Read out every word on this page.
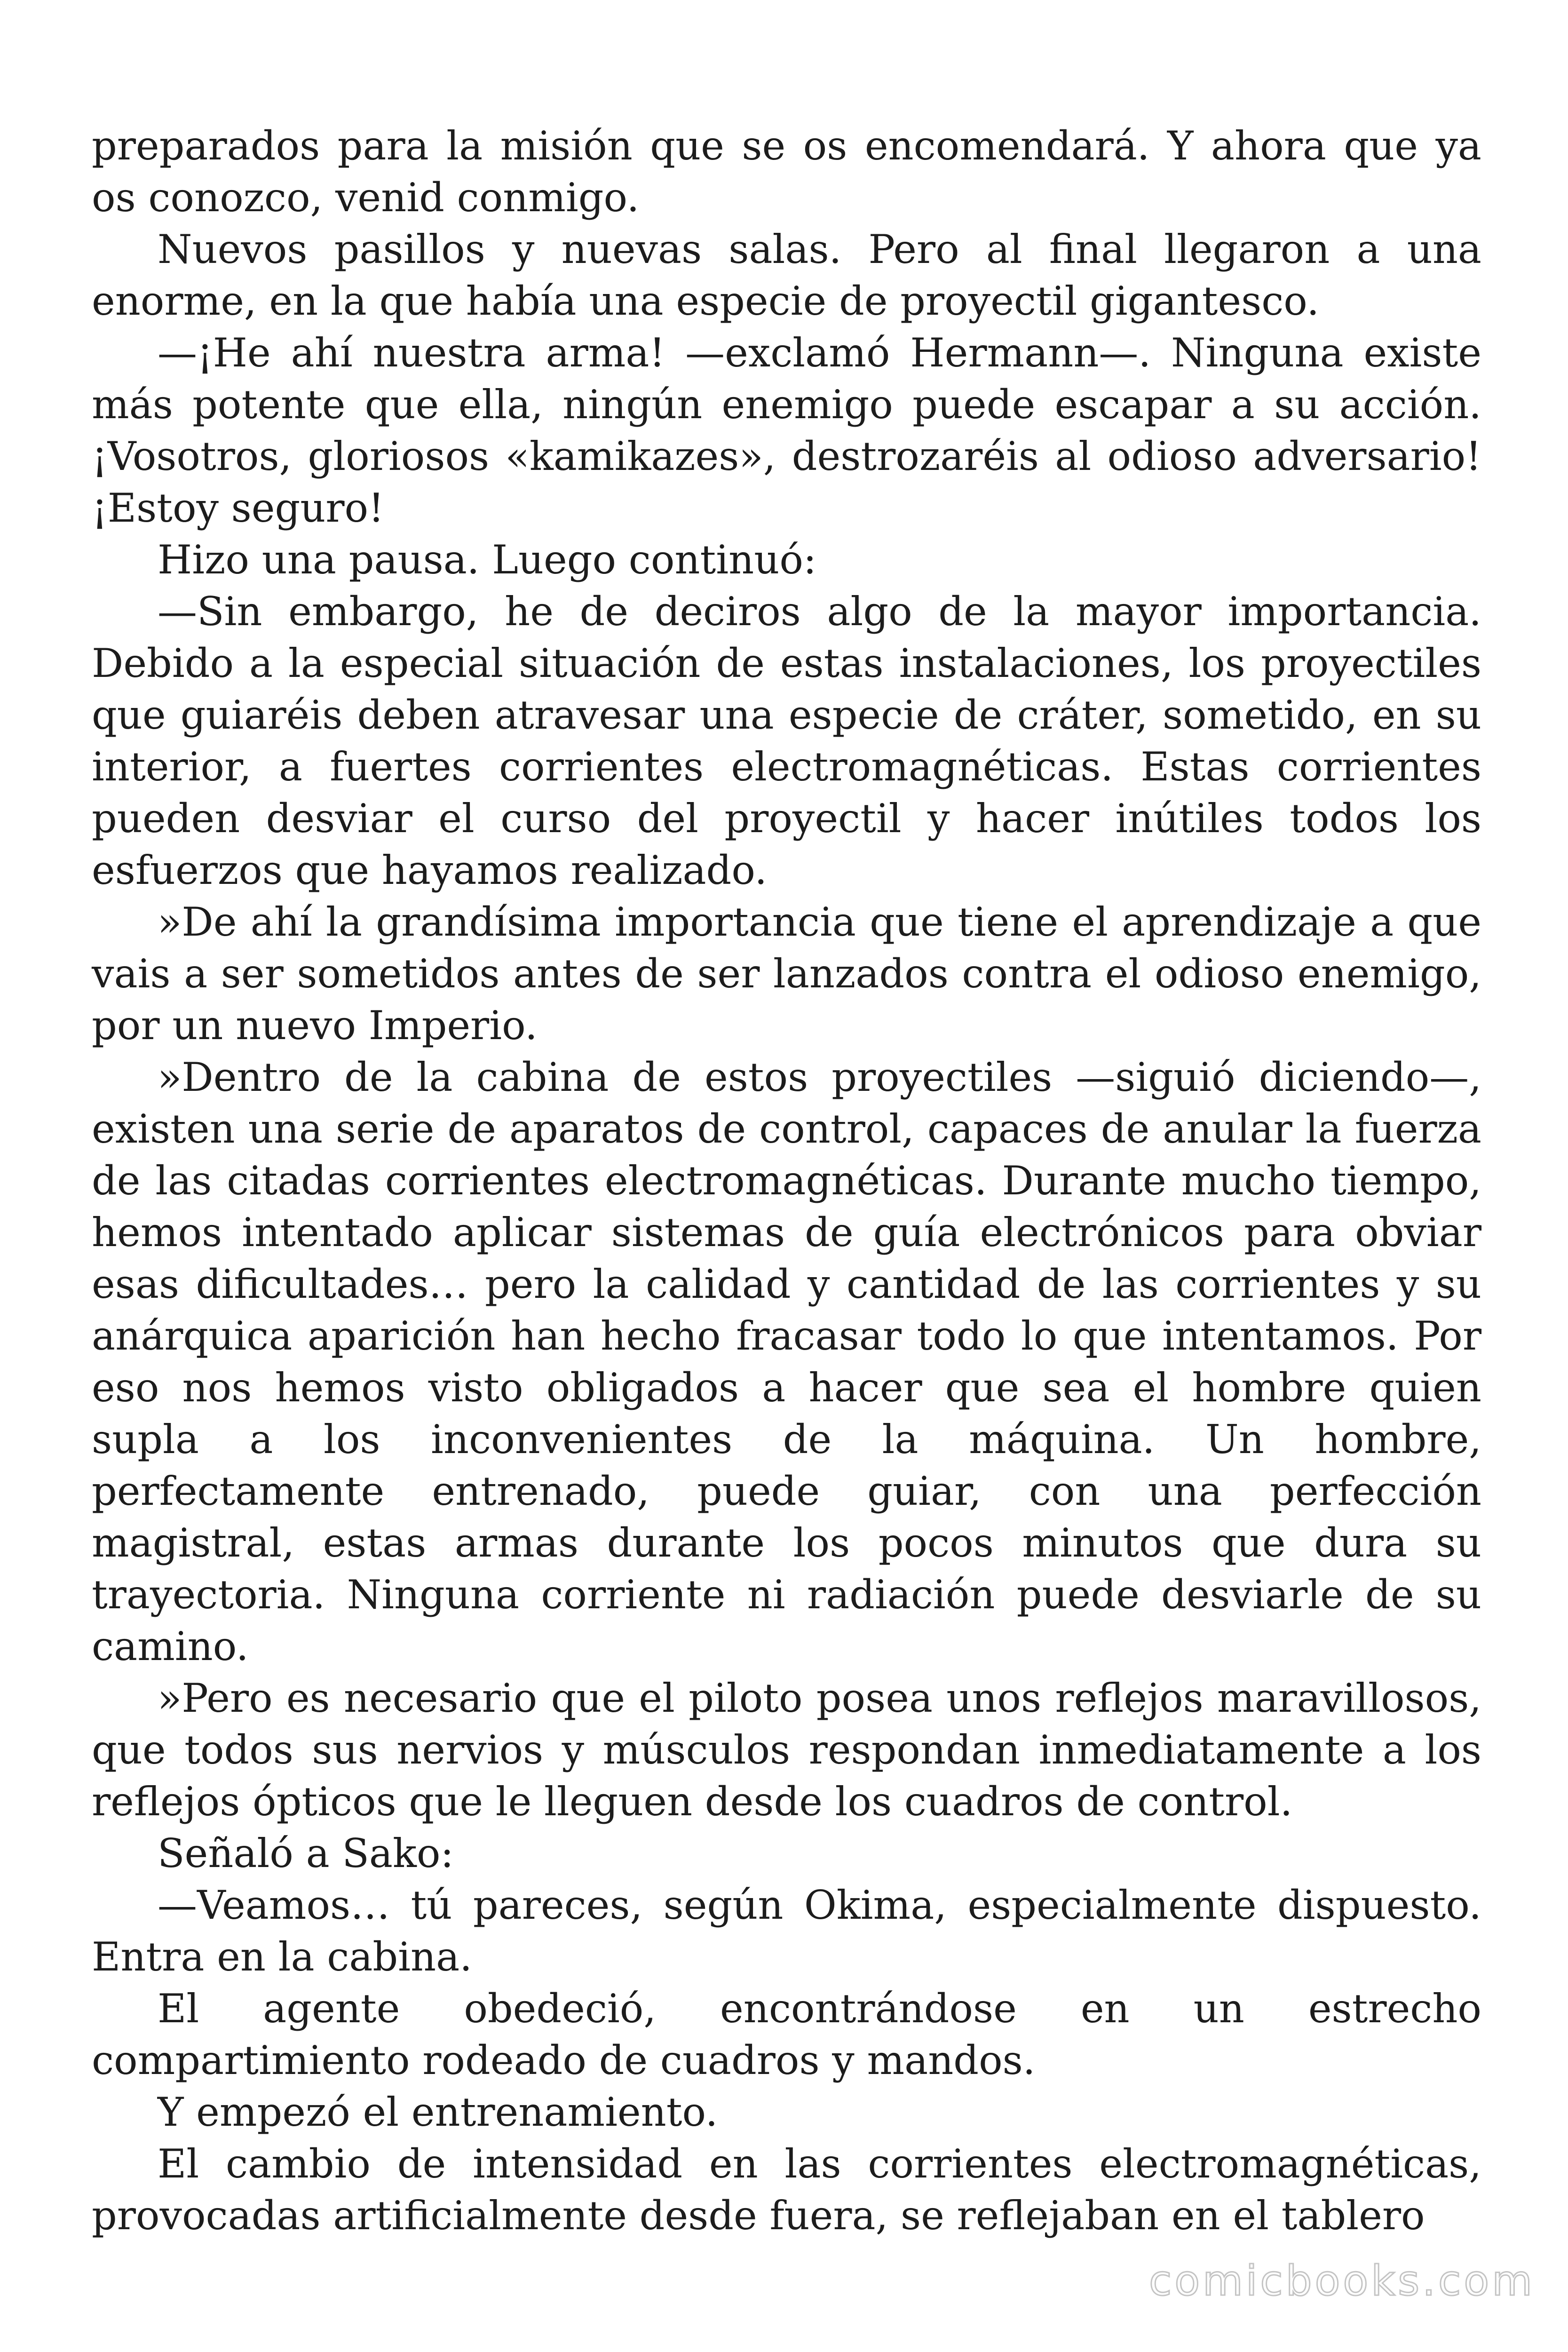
preparados para la misión que se os encomendará. Y ahora que ya os conozco, venid conmigo.

Nuevos pasillos y nuevas salas. Pero al final llegaron a una enorme, en la que había una especie de proyectil gigantesco.

—¡He ahí nuestra arma! —exclamó Hermann—. Ninguna existe más potente que ella, ningún enemigo puede escapar a su acción. ¡Vosotros, gloriosos «kamikazes», destrozaréis al odioso adversario! ¡Estoy seguro!

Hizo una pausa. Luego continuó:

—Sin embargo, he de deciros algo de la mayor importancia. Debido a la especial situación de estas instalaciones, los proyectiles que guiaréis deben atravesar una especie de cráter, sometido, en su interior, a fuertes corrientes electromagnéticas. Estas corrientes pueden desviar el curso del proyectil y hacer inútiles todos los esfuerzos que hayamos realizado.

»De ahí la grandísima importancia que tiene el aprendizaje a que vais a ser sometidos antes de ser lanzados contra el odioso enemigo, por un nuevo Imperio.

»Dentro de la cabina de estos proyectiles —siguió diciendo—, existen una serie de aparatos de control, capaces de anular la fuerza de las citadas corrientes electromagnéticas. Durante mucho tiempo, hemos intentado aplicar sistemas de guía electrónicos para obviar esas dificultades… pero la calidad y cantidad de las corrientes y su anárquica aparición han hecho fracasar todo lo que intentamos. Por eso nos hemos visto obligados a hacer que sea el hombre quien supla a los inconvenientes de la máquina. Un hombre, perfectamente entrenado, puede guiar, con una perfección magistral, estas armas durante los pocos minutos que dura su trayectoria. Ninguna corriente ni radiación puede desviarle de su camino.

»Pero es necesario que el piloto posea unos reflejos maravillosos, que todos sus nervios y músculos respondan inmediatamente a los reflejos ópticos que le lleguen desde los cuadros de control.

Señaló a Sako:

—Veamos… tú pareces, según Okima, especialmente dispuesto. Entra en la cabina.

El agente obedeció, encontrándose en un estrecho compartimiento rodeado de cuadros y mandos.

Y empezó el entrenamiento.

El cambio de intensidad en las corrientes electromagnéticas, provocadas artificialmente desde fuera, se reflejaban en el tablero

comicbooks.com
